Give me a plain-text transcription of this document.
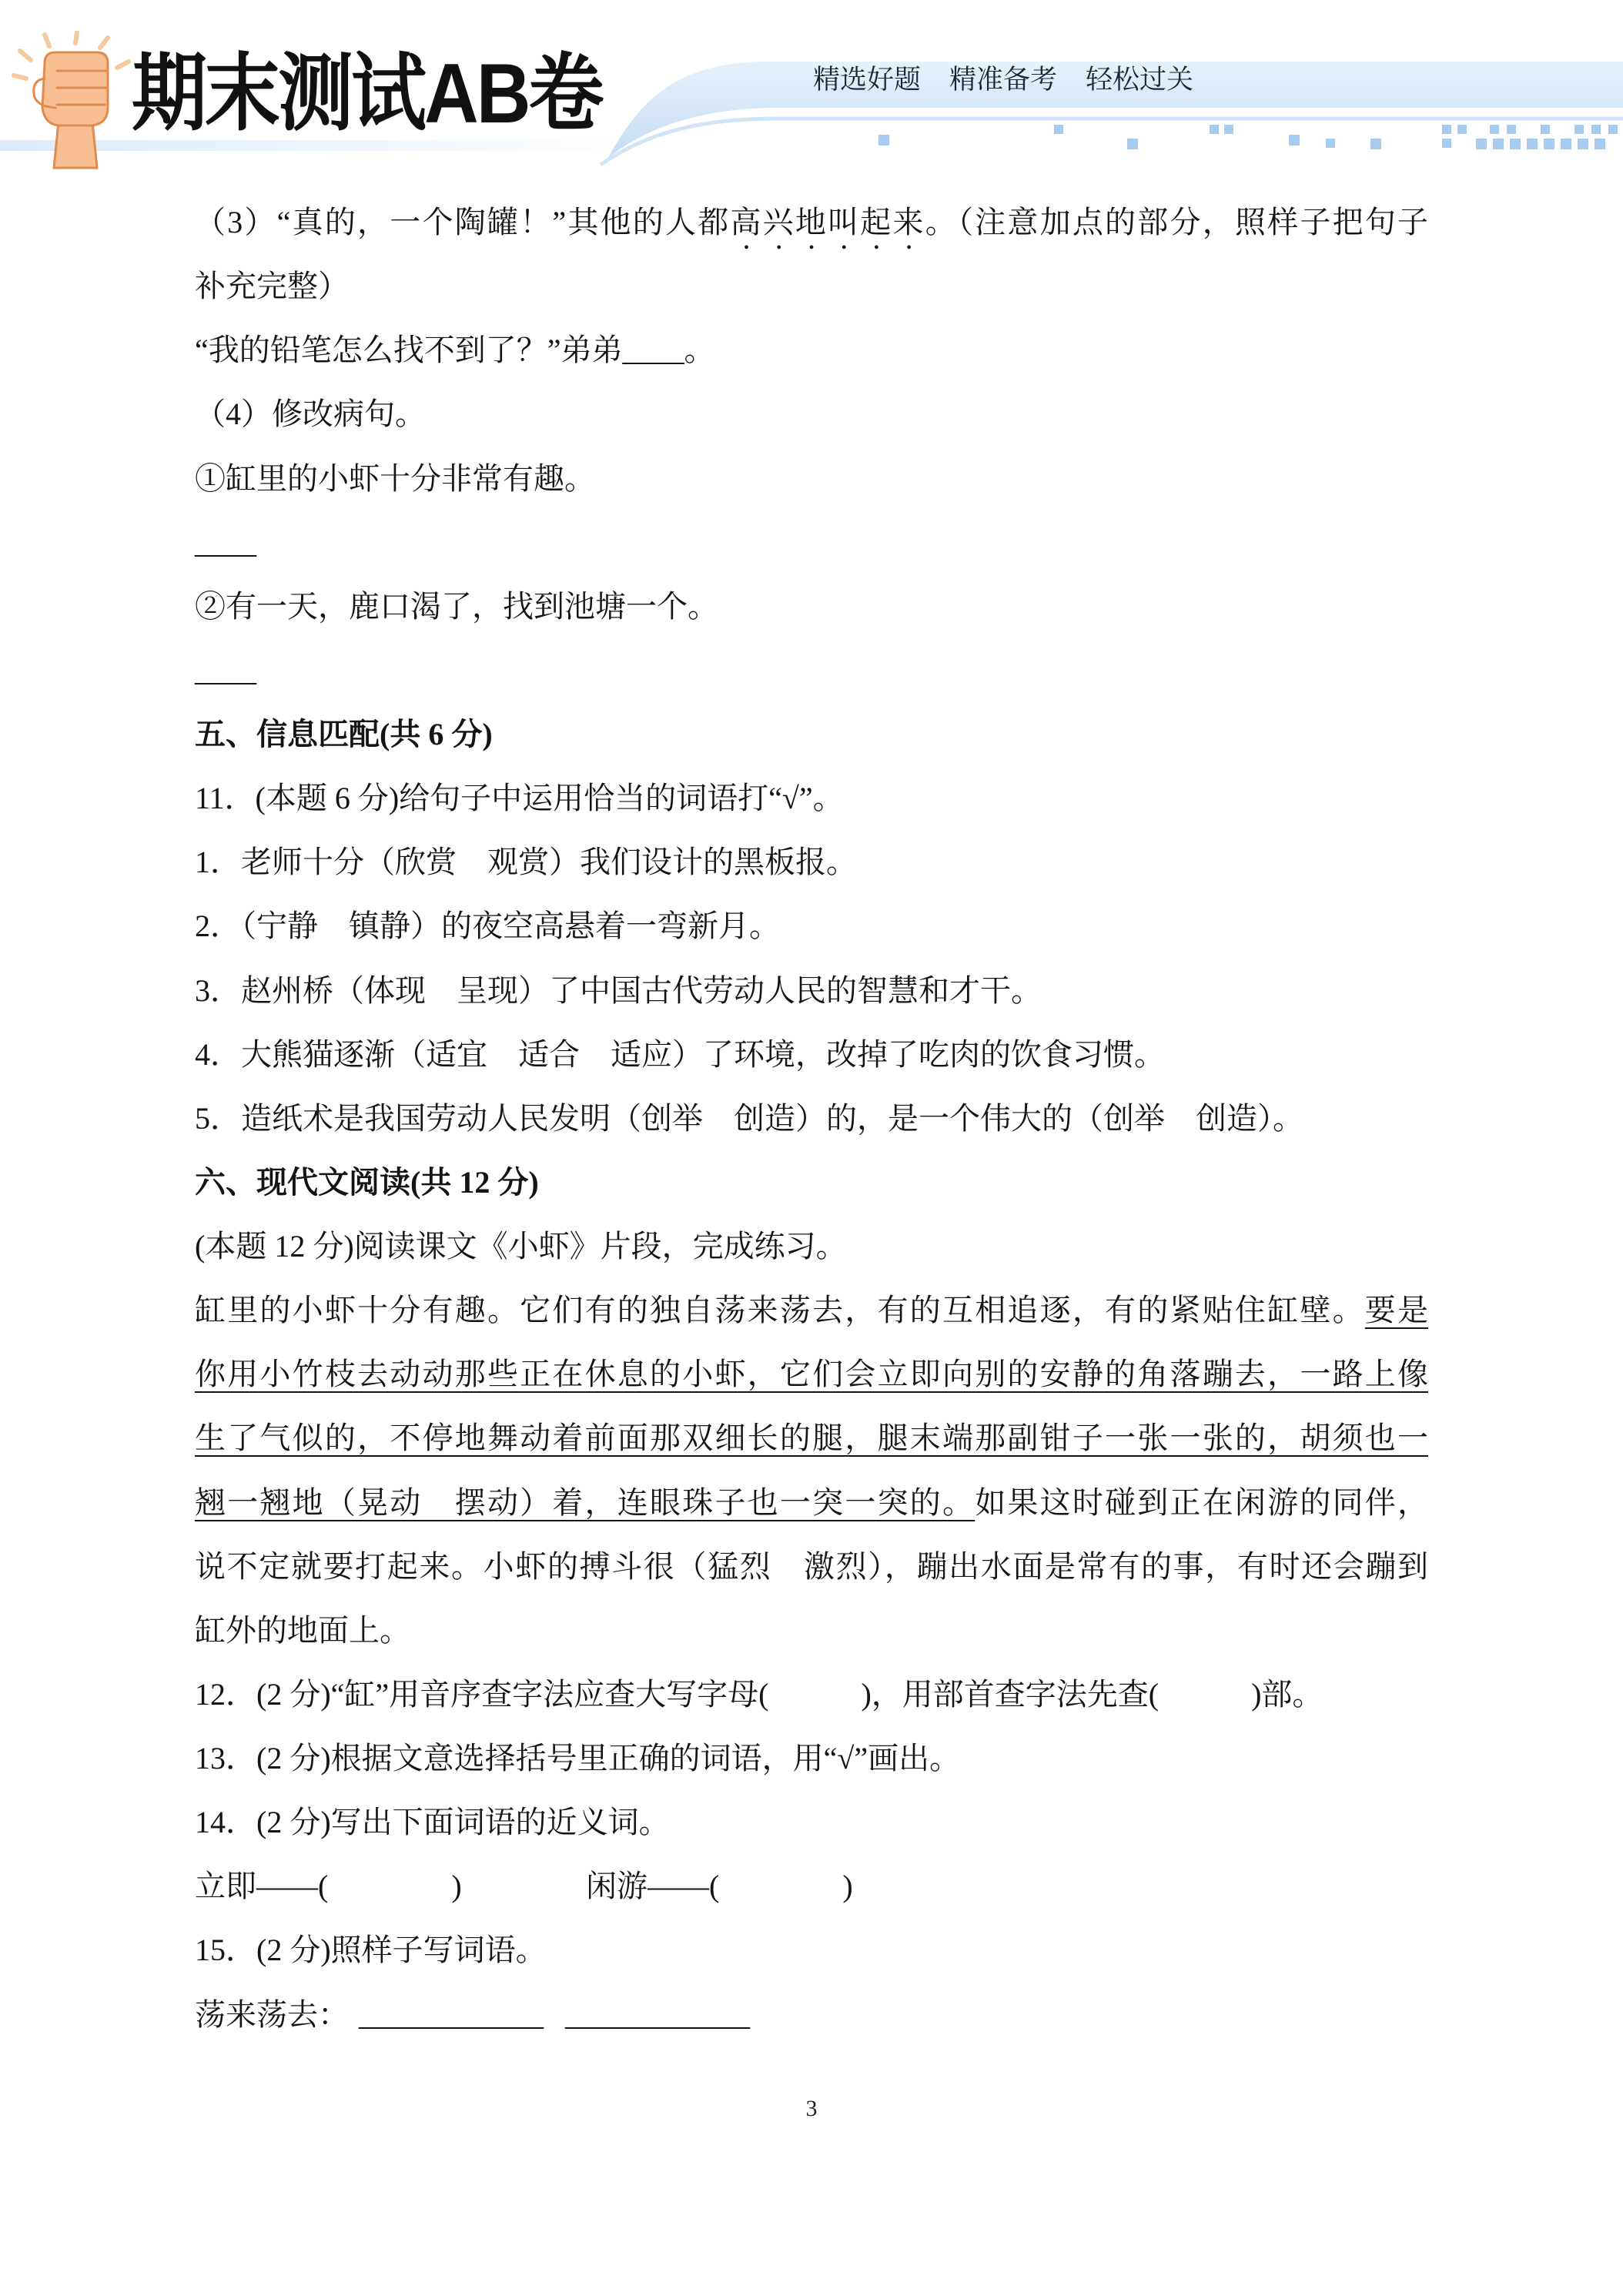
期末测试AB卷	精选好题 精准备考 轻松过关
（3）“真的，一个陶罐！”其他的人都高兴地叫起来。（注意加点的部分，照样子把句子
补充完整）
“我的铅笔怎么找不到了？”弟弟____。
（4）修改病句。
①缸里的小虾十分非常有趣。
____
②有一天，鹿口渴了，找到池塘一个。
____
五、信息匹配(共 6 分)
11．(本题 6 分)给句子中运用恰当的词语打“√”。
1．老师十分（欣赏　观赏）我们设计的黑板报。
2．（宁静　镇静）的夜空高悬着一弯新月。
3．赵州桥（体现　呈现）了中国古代劳动人民的智慧和才干。
4．大熊猫逐渐（适宜　适合　适应）了环境，改掉了吃肉的饮食习惯。
5．造纸术是我国劳动人民发明（创举　创造）的，是一个伟大的（创举　创造）。
六、现代文阅读(共 12 分)
(本题 12 分)阅读课文《小虾》片段，完成练习。
缸里的小虾十分有趣。它们有的独自荡来荡去，有的互相追逐，有的紧贴住缸壁。要是
你用小竹枝去动动那些正在休息的小虾，它们会立即向别的安静的角落蹦去，一路上像
生了气似的，不停地舞动着前面那双细长的腿，腿末端那副钳子一张一张的，胡须也一
翘一翘地（晃动　摆动）着，连眼珠子也一突一突的。如果这时碰到正在闲游的同伴，
说不定就要打起来。小虾的搏斗很（猛烈　激烈），蹦出水面是常有的事，有时还会蹦到
缸外的地面上。
12．(2 分)“缸”用音序查字法应查大写字母(　　　)，用部首查字法先查(　　　)部。
13．(2 分)根据文意选择括号里正确的词语，用“√”画出。
14．(2 分)写出下面词语的近义词。
立即——(　　　　)	闲游——(　　　　)
15．(2 分)照样子写词语。
荡来荡去： ____________ ____________
3
